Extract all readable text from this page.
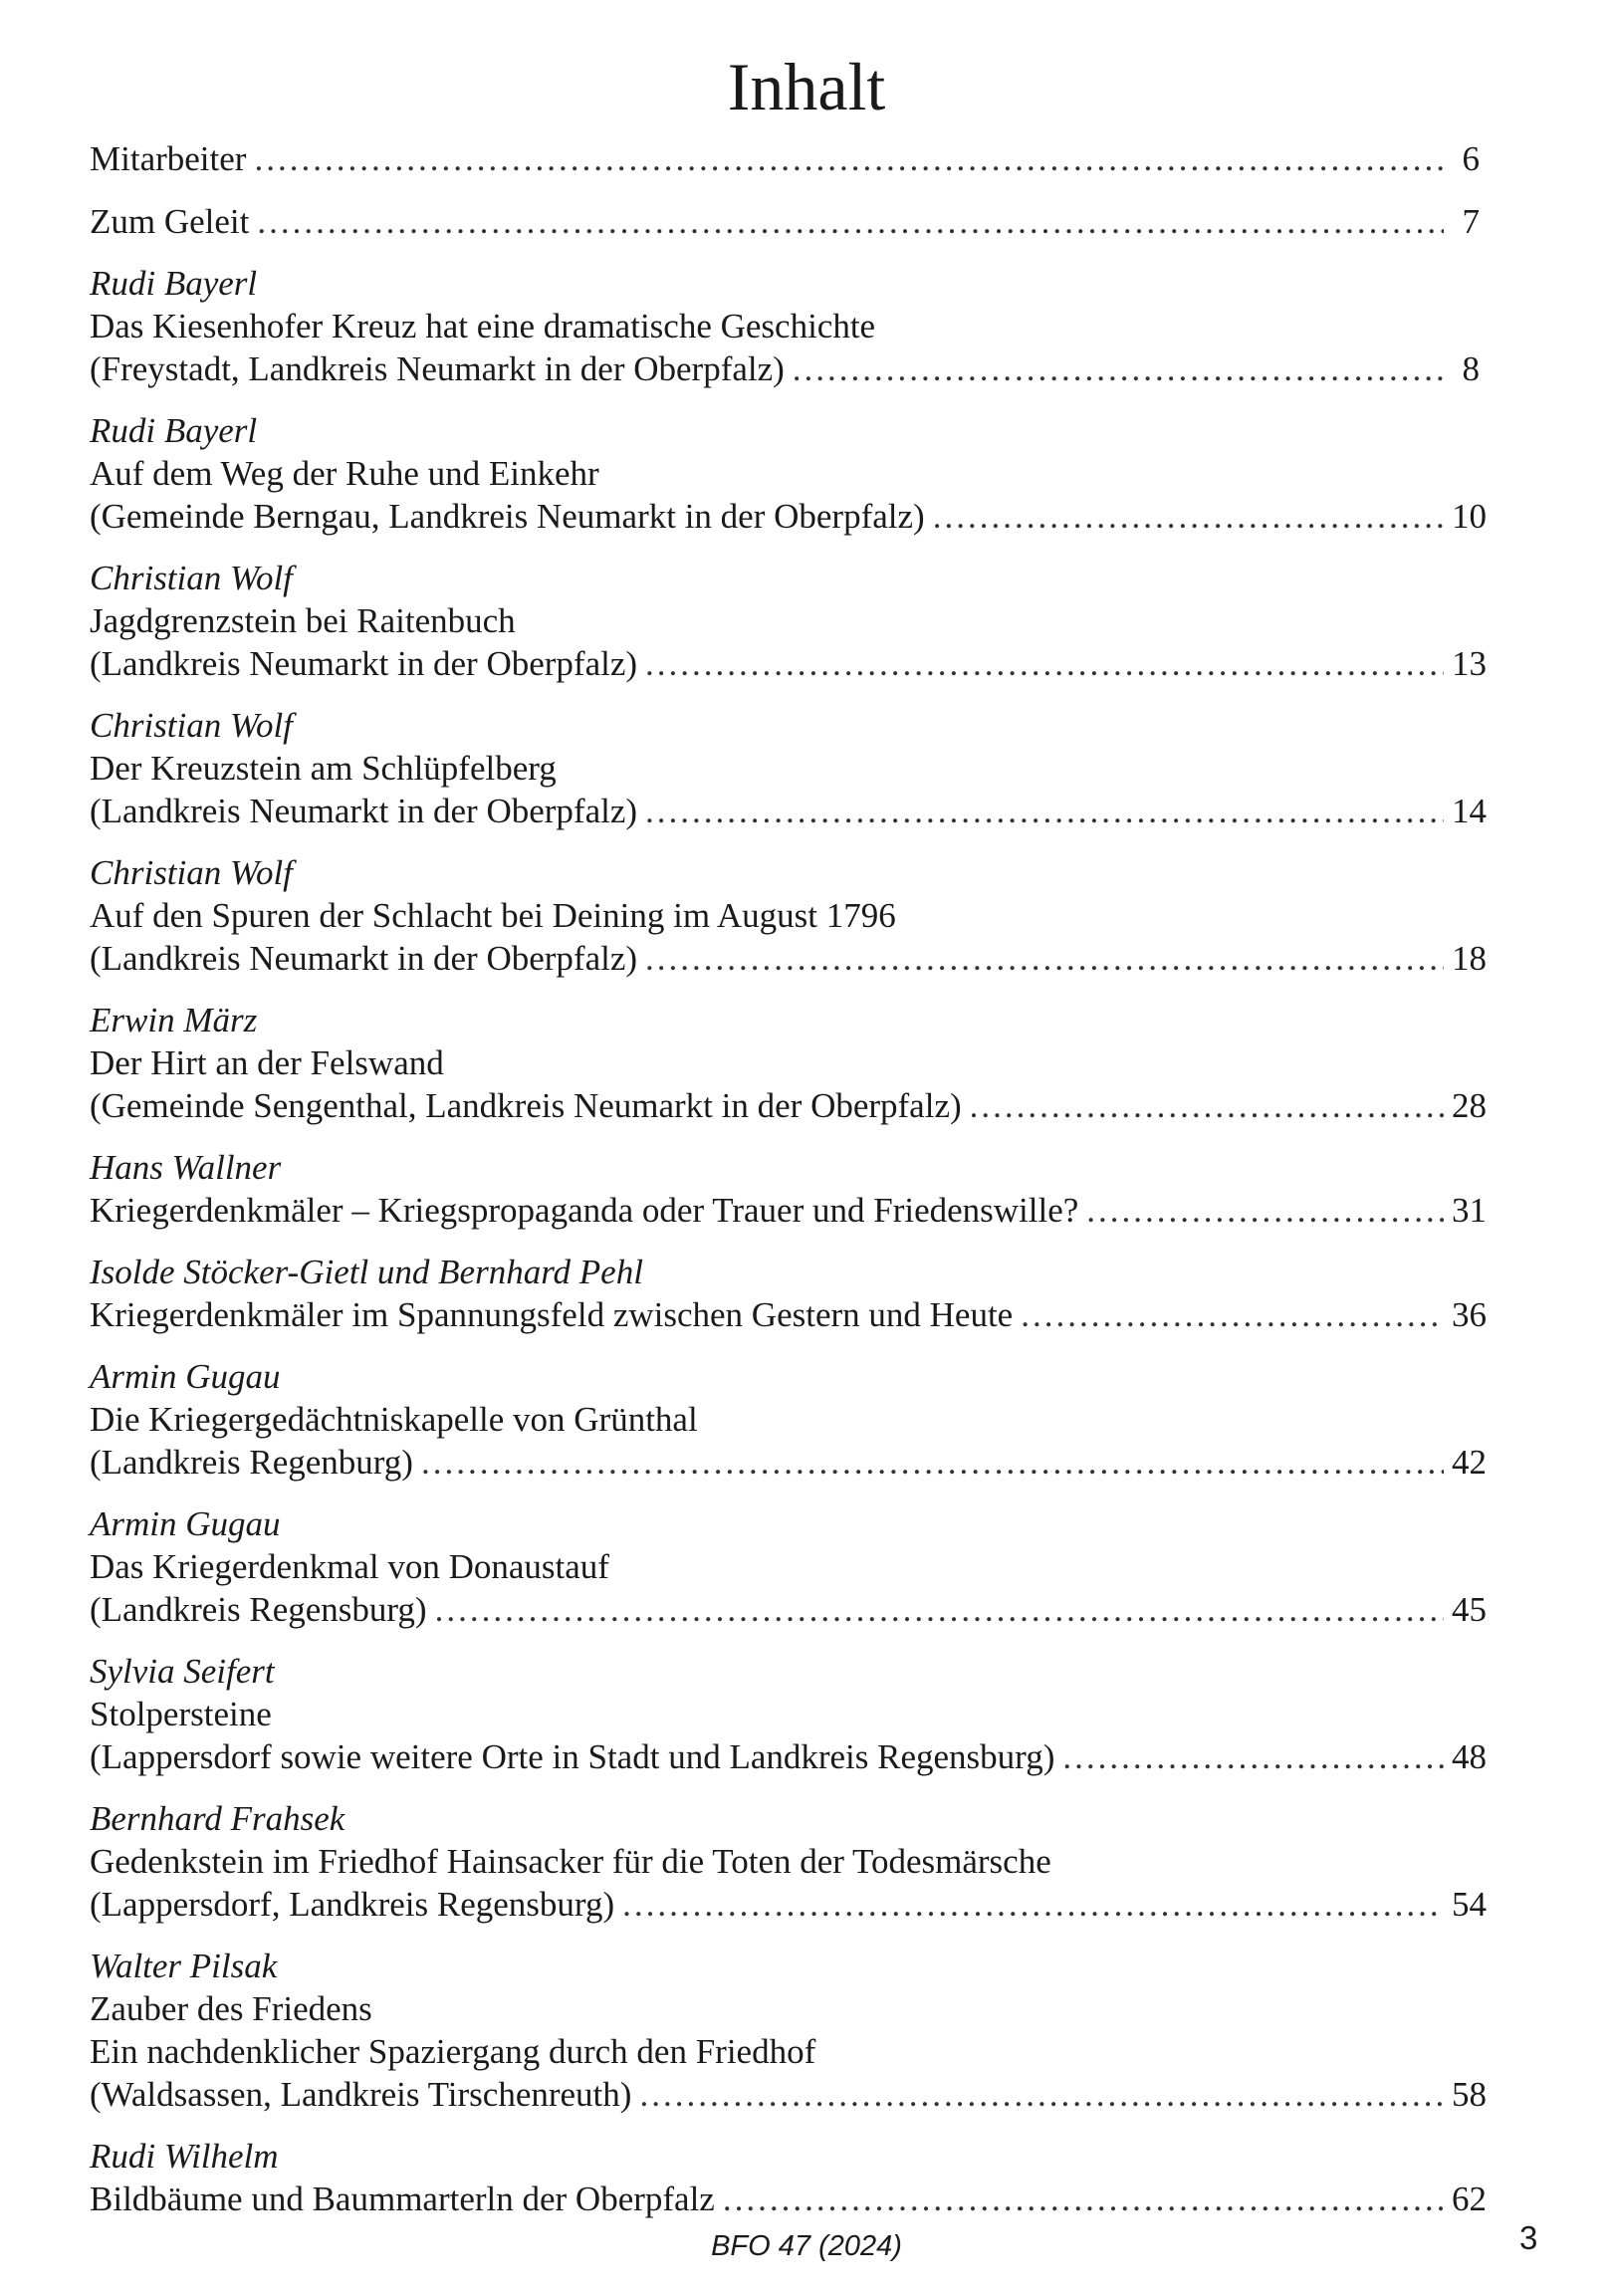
Inhalt
Mitarbeiter .....	6
Zum Geleit .....	7
Rudi Bayerl
Das Kiesenhofer Kreuz hat eine dramatische Geschichte
(Freystadt, Landkreis Neumarkt in der Oberpfalz) .....	8
Rudi Bayerl
Auf dem Weg der Ruhe und Einkehr
(Gemeinde Berngau, Landkreis Neumarkt in der Oberpfalz) .....	10
Christian Wolf
Jagdgrenzstein bei Raitenbuch
(Landkreis Neumarkt in der Oberpfalz) .....	13
Christian Wolf
Der Kreuzstein am Schlüpfelberg
(Landkreis Neumarkt in der Oberpfalz) .....	14
Christian Wolf
Auf den Spuren der Schlacht bei Deining im August 1796
(Landkreis Neumarkt in der Oberpfalz) .....	18
Erwin März
Der Hirt an der Felswand
(Gemeinde Sengenthal, Landkreis Neumarkt in der Oberpfalz) .....	28
Hans Wallner
Kriegerdenkmäler – Kriegspropaganda oder Trauer und Friedenswille? .....	31
Isolde Stöcker-Gietl und Bernhard Pehl
Kriegerdenkmäler im Spannungsfeld zwischen Gestern und Heute .....	36
Armin Gugau
Die Kriegergedächtniskapelle von Grünthal
(Landkreis Regenburg) .....	42
Armin Gugau
Das Kriegerdenkmal von Donaustauf
(Landkreis Regensburg) .....	45
Sylvia Seifert
Stolpersteine
(Lappersdorf sowie weitere Orte in Stadt und Landkreis Regensburg) .....	48
Bernhard Frahsek
Gedenkstein im Friedhof Hainsacker für die Toten der Todesmärsche
(Lappersdorf, Landkreis Regensburg) .....	54
Walter Pilsak
Zauber des Friedens
Ein nachdenklicher Spaziergang durch den Friedhof
(Waldsassen, Landkreis Tirschenreuth) .....	58
Rudi Wilhelm
Bildbäume und Baummarterln der Oberpfalz .....	62
BFO 47 (2024)	3
